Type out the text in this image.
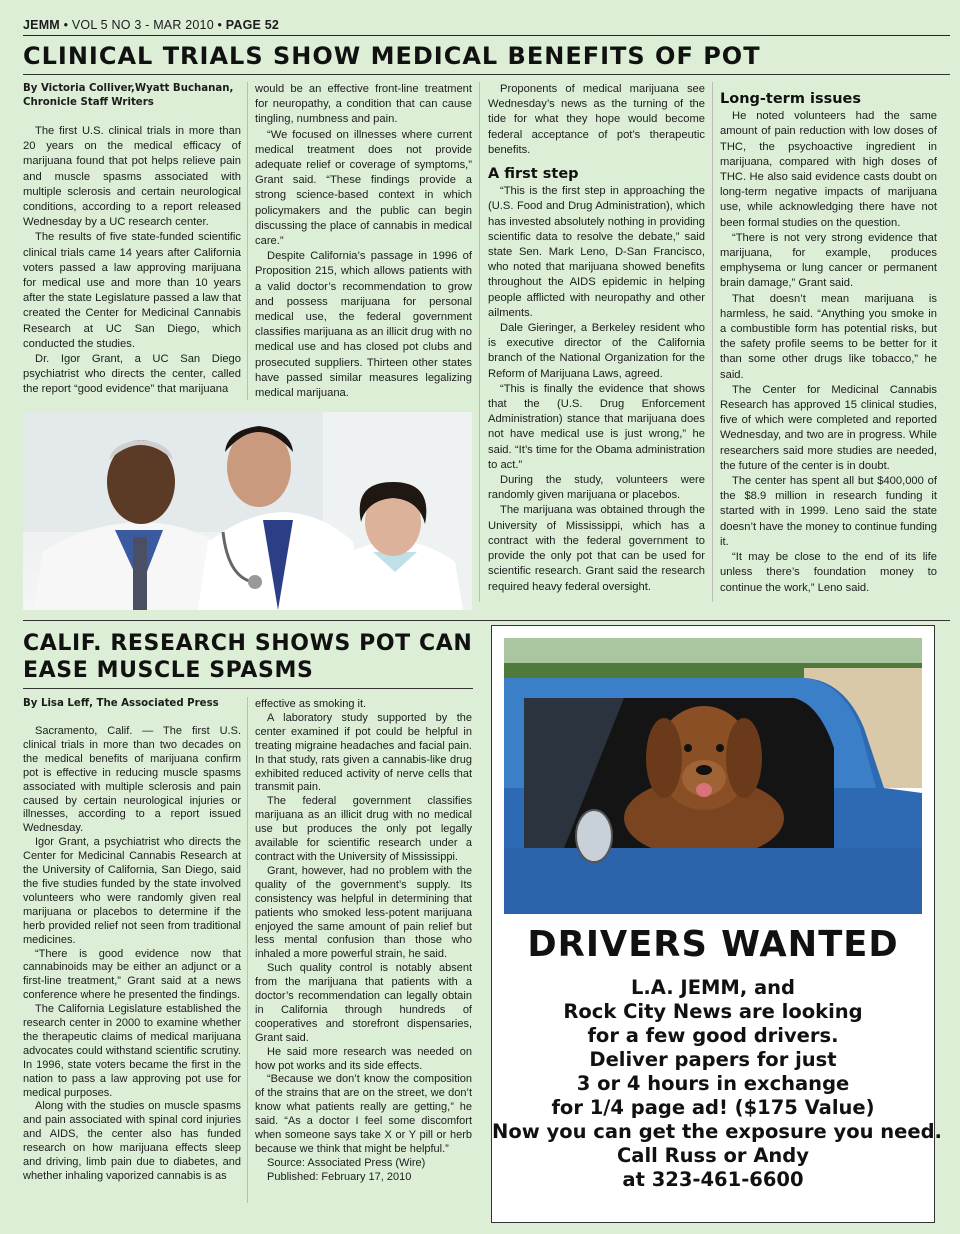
JEMM • VOL 5 NO 3 - MAR 2010 • PAGE 52
CLINICAL TRIALS SHOW MEDICAL BENEFITS OF POT

By Victoria Colliver,Wyatt Buchanan, Chronicle Staff Writers

The first U.S. clinical trials in more than 20 years on the medical efficacy of marijuana found that pot helps relieve pain and muscle spasms associated with multiple sclerosis and certain neurological conditions, according to a report released Wednesday by a UC research center.

The results of five state-funded scientific clinical trials came 14 years after California voters passed a law approving marijuana for medical use and more than 10 years after the state Legislature passed a law that created the Center for Medicinal Cannabis Research at UC San Diego, which conducted the studies.

Dr. Igor Grant, a UC San Diego psychiatrist who directs the center, called the report “good evidence” that marijuana

would be an effective front-line treatment for neuropathy, a condition that can cause tingling, numbness and pain.

“We focused on illnesses where current medical treatment does not provide adequate relief or coverage of symptoms,” Grant said. “These findings provide a strong science-based context in which policymakers and the public can begin discussing the place of cannabis in medical care.”

Despite California’s passage in 1996 of Proposition 215, which allows patients with a valid doctor’s recommendation to grow and possess marijuana for personal medical use, the federal government classifies marijuana as an illicit drug with no medical use and has closed pot clubs and prosecuted suppliers. Thirteen other states have passed similar measures legalizing medical marijuana.

Proponents of medical marijuana see Wednesday’s news as the turning of the tide for what they hope would become federal acceptance of pot’s therapeutic benefits.

A first step

“This is the first step in approaching the (U.S. Food and Drug Administration), which has invested absolutely nothing in providing scientific data to resolve the debate,” said state Sen. Mark Leno, D-San Francisco, who noted that marijuana showed benefits throughout the AIDS epidemic in helping people afflicted with neuropathy and other ailments.

Dale Gieringer, a Berkeley resident who is executive director of the California branch of the National Organization for the Reform of Marijuana Laws, agreed.

“This is finally the evidence that shows that the (U.S. Drug Enforcement Administration) stance that marijuana does not have medical use is just wrong,” he said. “It’s time for the Obama administration to act.”

During the study, volunteers were randomly given marijuana or placebos.

The marijuana was obtained through the University of Mississippi, which has a contract with the federal government to provide the only pot that can be used for scientific research. Grant said the research required heavy federal oversight.

Long-term issues

He noted volunteers had the same amount of pain reduction with low doses of THC, the psychoactive ingredient in marijuana, compared with high doses of THC. He also said evidence casts doubt on long-term negative impacts of marijuana use, while acknowledging there have not been formal studies on the question.

“There is not very strong evidence that marijuana, for example, produces emphysema or lung cancer or permanent brain damage,” Grant said.

That doesn’t mean marijuana is harmless, he said. “Anything you smoke in a combustible form has potential risks, but the safety profile seems to be better for it than some other drugs like tobacco,” he said.

The Center for Medicinal Cannabis Research has approved 15 clinical studies, five of which were completed and reported Wednesday, and two are in progress. While researchers said more studies are needed, the future of the center is in doubt.

The center has spent all but $400,000 of the $8.9 million in research funding it started with in 1999. Leno said the state doesn’t have the money to continue funding it.

“It may be close to the end of its life unless there’s foundation money to continue the work,” Leno said.

CALIF. RESEARCH SHOWS POT CAN
EASE MUSCLE SPASMS

By Lisa Leff, The Associated Press

Sacramento, Calif. — The first U.S. clinical trials in more than two decades on the medical benefits of marijuana confirm pot is effective in reducing muscle spasms associated with multiple sclerosis and pain caused by certain neurological injuries or illnesses, according to a report issued Wednesday.

Igor Grant, a psychiatrist who directs the Center for Medicinal Cannabis Research at the University of California, San Diego, said the five studies funded by the state involved volunteers who were randomly given real marijuana or placebos to determine if the herb provided relief not seen from traditional medicines.

“There is good evidence now that cannabinoids may be either an adjunct or a first-line treatment,” Grant said at a news conference where he presented the findings.

The California Legislature established the research center in 2000 to examine whether the therapeutic claims of medical marijuana advocates could withstand scientific scrutiny. In 1996, state voters became the first in the nation to pass a law approving pot use for medical purposes.

Along with the studies on muscle spasms and pain associated with spinal cord injuries and AIDS, the center also has funded research on how marijuana effects sleep and driving, limb pain due to diabetes, and whether inhaling vaporized cannabis is as

effective as smoking it.

A laboratory study supported by the center examined if pot could be helpful in treating migraine headaches and facial pain. In that study, rats given a cannabis-like drug exhibited reduced activity of nerve cells that transmit pain.

The federal government classifies marijuana as an illicit drug with no medical use but produces the only pot legally available for scientific research under a contract with the University of Mississippi.

Grant, however, had no problem with the quality of the government’s supply. Its consistency was helpful in determining that patients who smoked less-potent marijuana enjoyed the same amount of pain relief but less mental confusion than those who inhaled a more powerful strain, he said.

Such quality control is notably absent from the marijuana that patients with a doctor’s recommendation can legally obtain in California through hundreds of cooperatives and storefront dispensaries, Grant said.

He said more research was needed on how pot works and its side effects.

“Because we don’t know the composition of the strains that are on the street, we don’t know what patients really are getting,” he said. “As a doctor I feel some discomfort when someone says take X or Y pill or herb because we think that might be helpful.”

Source: Associated Press (Wire)

Published: February 17, 2010

DRIVERS WANTED
L.A. JEMM, and
Rock City News are looking
for a few good drivers.
Deliver papers for just
3 or 4 hours in exchange
for 1/4 page ad! ($175 Value)
Now you can get the exposure you need.
Call Russ or Andy
at 323-461-6600
